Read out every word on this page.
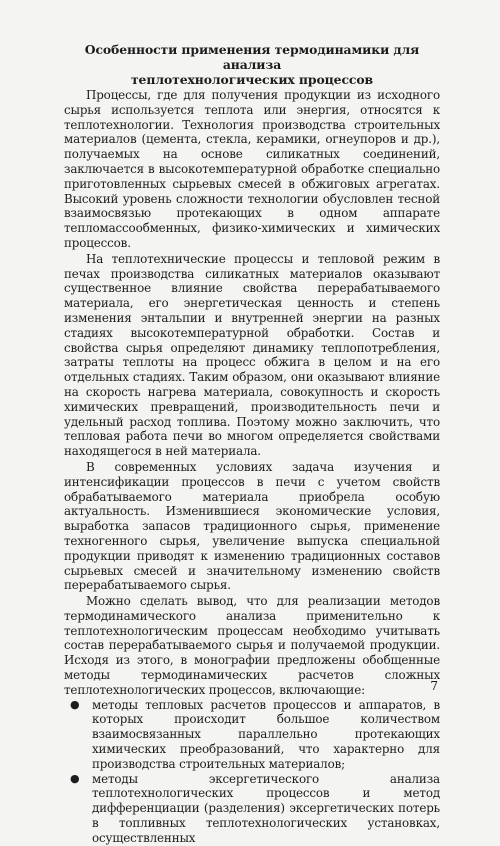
Особенности применения термодинамики для анализа
теплотехнологических процессов

Процессы, где для получения продукции из исходного сырья используется теплота или энергия, относятся к теплотехнологии. Технология производства строительных материалов (цемента, стекла, керамики, огнеупоров и др.), получаемых на основе силикатных соединений, заключается в высокотемпературной обработке специально приготовленных сырьевых смесей в обжиговых агрегатах. Высокий уровень сложности технологии обусловлен тесной взаимосвязью протекающих в одном аппарате тепломассообменных, физико-химических и химических процессов.

На теплотехнические процессы и тепловой режим в печах производства силикатных материалов оказывают существенное влияние свойства перерабатываемого материала, его энергетическая ценность и степень изменения энтальпии и внутренней энергии на разных стадиях высокотемпературной обработки. Состав и свойства сырья определяют динамику теплопотребления, затраты теплоты на процесс обжига в целом и на его отдельных стадиях. Таким образом, они оказывают влияние на скорость нагрева материала, совокупность и скорость химических превращений, производительность печи и удельный расход топлива. Поэтому можно заключить, что тепловая работа печи во многом определяется свойствами находящегося в ней материала.

В современных условиях задача изучения и интенсификации процессов в печи с учетом свойств обрабатываемого материала приобрела особую актуальность. Изменившиеся экономические условия, выработка запасов традиционного сырья, применение техногенного сырья, увеличение выпуска специальной продукции приводят к изменению традиционных составов сырьевых смесей и значительному изменению свойств перерабатываемого сырья.

Можно сделать вывод, что для реализации методов термодинамического анализа применительно к теплотехнологическим процессам необходимо учитывать состав перерабатываемого сырья и получаемой продукции. Исходя из этого, в монографии предложены обобщенные методы термодинамических расчетов сложных теплотехнологических процессов, включающие:

● методы тепловых расчетов процессов и аппаратов, в которых происходит большое количеством взаимосвязанных параллельно протекающих химических преобразований, что характерно для производства строительных материалов;
● методы эксергетического анализа теплотехнологических процессов и метод дифференциации (разделения) эксергетических потерь в топливных теплотехнологических установках, осуществленных
7
